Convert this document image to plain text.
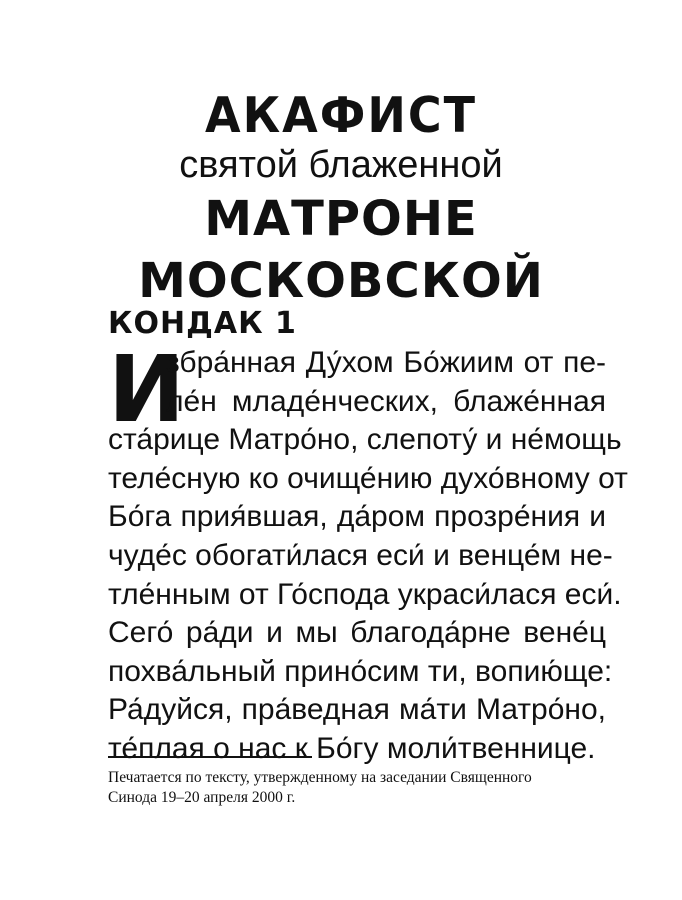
АКАФИСТ
святой блаженной
МАТРОНЕ МОСКОВСКОЙ
КОНДАК 1
И
збра́нная Ду́хом Бо́жиим от пе-
ле́н младе́нческих, блаже́нная
ста́рице Матро́но, слепоту́ и не́мощь
теле́сную ко очище́нию духо́вному от
Бо́га прия́вшая, да́ром прозре́ния и
чуде́с обогати́лася еси́ и венце́м не-
тле́нным от Го́спода украси́лася еси́.
Сего́ ра́ди и мы благода́рне вене́ц
похва́льный прино́сим ти, вопию́ще:
Ра́дуйся, пра́ведная ма́ти Матро́но,
те́плая о нас к Бо́гу моли́твеннице.
Печатается по тексту, утвержденному на заседании Священного
Синода 19–20 апреля 2000 г.
